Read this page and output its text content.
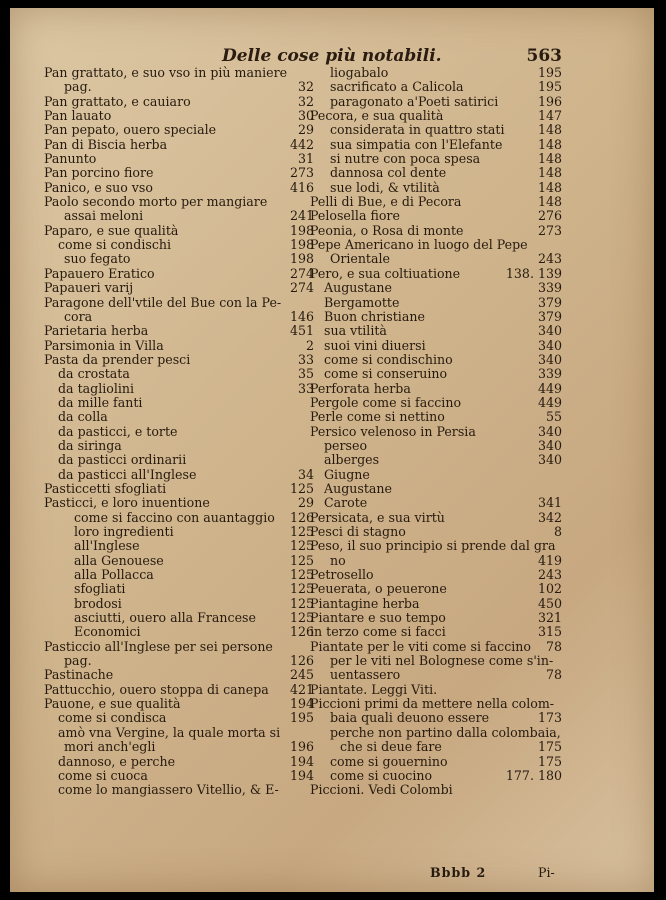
Delle cose più notabili.	563
Pan grattato, e suo vso in più maniere
pag.	32
Pan grattato, e cauiaro	32
Pan lauato	30
Pan pepato, ouero speciale	29
Pan di Biscia herba	442
Panunto	31
Pan porcino fiore	273
Panico, e suo vso	416
Paolo secondo morto per mangiare
assai meloni	241
Paparo, e sue qualità	198
come si condischi	198
suo fegato	198
Papauero Eratico	274
Papaueri varij	274
Paragone dell'vtile del Bue con la Pe-
cora	146
Parietaria herba	451
Parsimonia in Villa	2
Pasta da prender pesci	33
da crostata	35
da tagliolini	33
da mille fanti
da colla
da pasticci, e torte
da siringa
da pasticci ordinarii
da pasticci all'Inglese	34
Pasticcetti sfogliati	125
Pasticci, e loro inuentione	29
come si faccino con auantaggio 126
loro ingredienti	125
all'Inglese	125
alla Genouese	125
alla Pollacca	125
sfogliati	125
brodosi	125
asciutti, ouero alla Francese	125
Economici	126
Pasticcio all'Inglese per sei persone
pag.	126
Pastinache	245
Pattucchio, ouero stoppa di canepa 421
Pauone, e sue qualità	194
come si condisca	195
amò vna Vergine, la quale morta si
mori anch'egli	196
dannoso, e perche	194
come si cuoca	194
come lo mangiassero Vitellio, & E-
liogabalo	195
sacrificato a Calicola	195
paragonato a'Poeti satirici	196
Pecora, e sua qualità	147
considerata in quattro stati	148
sua simpatia con l'Elefante	148
si nutre con poca spesa	148
dannosa col dente	148
sue lodi, & vtilità	148
Pelli di Bue, e di Pecora	148
Pelosella fiore	276
Peonia, o Rosa di monte	273
Pepe Americano in luogo del Pepe
Orientale	243
Pero, e sua coltiuatione	138. 139
Augustane	339
Bergamotte	379
Buon christiane	379
sua vtilità	340
suoi vini diuersi	340
come si condischino	340
come si conseruino	339
Perforata herba	449
Pergole come si faccino	449
Perle come si nettino	55
Persico velenoso in Persia	340
perseo	340
alberges	340
Giugne
Augustane
Carote	341
Persicata, e sua virtù	342
Pesci di stagno	8
Peso, il suo principio si prende dal gra
no	419
Petrosello	243
Peuerata, o peuerone	102
Piantagine herba	450
Piantare e suo tempo	321
in terzo come si facci	315
Piantate per le viti come si faccino 78
per le viti nel Bolognese come s'in-
uentassero	78
Piantate. Leggi Viti.
Piccioni primi da mettere nella colom-
baia quali deuono essere	173
perche non partino dalla colombaia,
che si deue fare	175
come si gouernino	175
come si cuocino	177. 180
Piccioni. Vedi Colombi
Bbbb 2	Pi-
